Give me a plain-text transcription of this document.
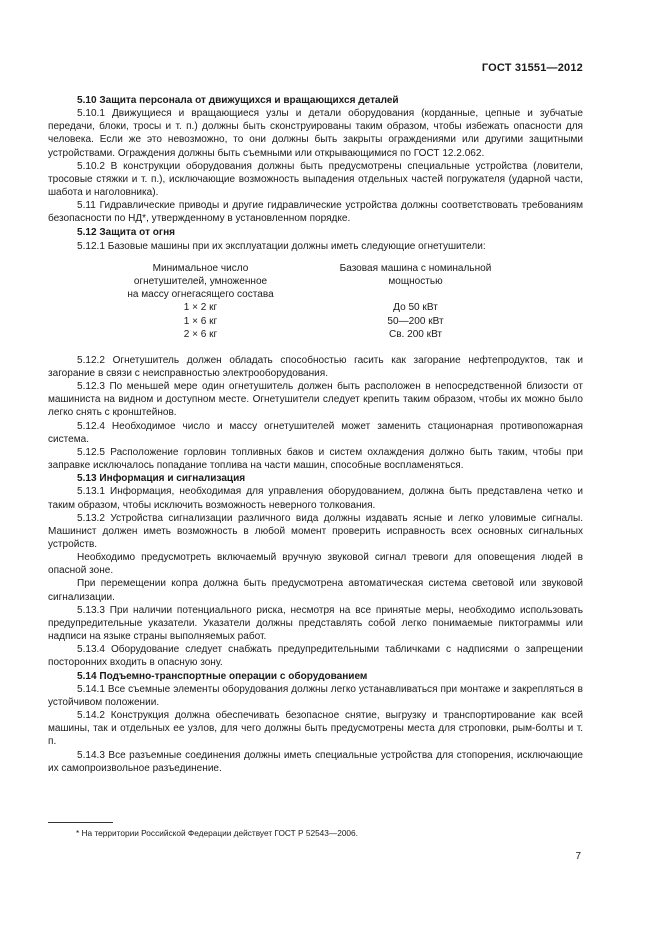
ГОСТ 31551—2012

5.10 Защита персонала от движущихся и вращающихся деталей

5.10.1 Движущиеся и вращающиеся узлы и детали оборудования (корданные, цепные и зубчатые передачи, блоки, тросы и т. п.) должны быть сконструированы таким образом, чтобы избежать опасности для человека. Если же это невозможно, то они должны быть закрыты ограждениями или другими защитными устройствами. Ограждения должны быть съемными или открывающимися по ГОСТ 12.2.062.

5.10.2 В конструкции оборудования должны быть предусмотрены специальные устройства (ловители, тросовые стяжки и т. п.), исключающие возможность выпадения отдельных частей погружателя (ударной части, шабота и наголовника).

5.11 Гидравлические приводы и другие гидравлические устройства должны соответствовать требованиям безопасности по НД*, утвержденному в установленном порядке.

5.12 Защита от огня

5.12.1 Базовые машины при их эксплуатации должны иметь следующие огнетушители:

Минимальное число
огнетушителей, умноженное
на массу огнегасящего состава
1 × 2 кг
1 × 6 кг
2 × 6 кг
Базовая машина с номинальной
мощностью
До 50 кВт
50—200 кВт
Св. 200 кВт

5.12.2 Огнетушитель должен обладать способностью гасить как загорание нефтепродуктов, так и загорание в связи с неисправностью электрооборудования.

5.12.3 По меньшей мере один огнетушитель должен быть расположен в непосредственной близости от машиниста на видном и доступном месте. Огнетушители следует крепить таким образом, чтобы их можно было легко снять с кронштейнов.

5.12.4 Необходимое число и массу огнетушителей может заменить стационарная противопожарная система.

5.12.5 Расположение горловин топливных баков и систем охлаждения должно быть таким, чтобы при заправке исключалось попадание топлива на части машин, способные воспламеняться.

5.13 Информация и сигнализация

5.13.1 Информация, необходимая для управления оборудованием, должна быть представлена четко и таким образом, чтобы исключить возможность неверного толкования.

5.13.2 Устройства сигнализации различного вида должны издавать ясные и легко уловимые сигналы. Машинист должен иметь возможность в любой момент проверить исправность всех основных сигнальных устройств.

Необходимо предусмотреть включаемый вручную звуковой сигнал тревоги для оповещения людей в опасной зоне.

При перемещении копра должна быть предусмотрена автоматическая система световой или звуковой сигнализации.

5.13.3 При наличии потенциального риска, несмотря на все принятые меры, необходимо использовать предупредительные указатели. Указатели должны представлять собой легко понимаемые пиктограммы или надписи на языке страны выполняемых работ.

5.13.4 Оборудование следует снабжать предупредительными табличками с надписями о запрещении посторонних входить в опасную зону.

5.14 Подъемно-транспортные операции с оборудованием

5.14.1 Все съемные элементы оборудования должны легко устанавливаться при монтаже и закрепляться в устойчивом положении.

5.14.2 Конструкция должна обеспечивать безопасное снятие, выгрузку и транспортирование как всей машины, так и отдельных ее узлов, для чего должны быть предусмотрены места для строповки, рым-болты и т. п.

5.14.3 Все разъемные соединения должны иметь специальные устройства для стопорения, исключающие их самопроизвольное разъединение.

* На территории Российской Федерации действует ГОСТ Р 52543—2006.
7
